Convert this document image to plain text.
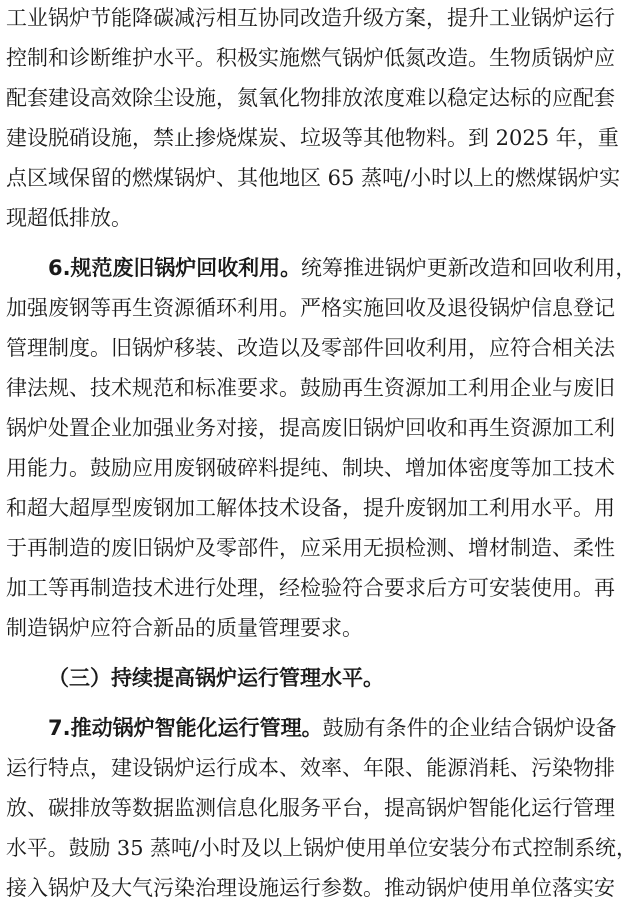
工业锅炉节能降碳减污相互协同改造升级方案，提升工业锅炉运行
控制和诊断维护水平。积极实施燃气锅炉低氮改造。生物质锅炉应
配套建设高效除尘设施，氮氧化物排放浓度难以稳定达标的应配套
建设脱硝设施，禁止掺烧煤炭、垃圾等其他物料。到 2025 年，重
点区域保留的燃煤锅炉、其他地区 65 蒸吨/小时以上的燃煤锅炉实
现超低排放。
6.规范废旧锅炉回收利用。统筹推进锅炉更新改造和回收利用，
加强废钢等再生资源循环利用。严格实施回收及退役锅炉信息登记
管理制度。旧锅炉移装、改造以及零部件回收利用，应符合相关法
律法规、技术规范和标准要求。鼓励再生资源加工利用企业与废旧
锅炉处置企业加强业务对接，提高废旧锅炉回收和再生资源加工利
用能力。鼓励应用废钢破碎料提纯、制块、增加体密度等加工技术
和超大超厚型废钢加工解体技术设备，提升废钢加工利用水平。用
于再制造的废旧锅炉及零部件，应采用无损检测、增材制造、柔性
加工等再制造技术进行处理，经检验符合要求后方可安装使用。再
制造锅炉应符合新品的质量管理要求。
（三）持续提高锅炉运行管理水平。
7.推动锅炉智能化运行管理。鼓励有条件的企业结合锅炉设备
运行特点，建设锅炉运行成本、效率、年限、能源消耗、污染物排
放、碳排放等数据监测信息化服务平台，提高锅炉智能化运行管理
水平。鼓励 35 蒸吨/小时及以上锅炉使用单位安装分布式控制系统，
接入锅炉及大气污染治理设施运行参数。推动锅炉使用单位落实安
